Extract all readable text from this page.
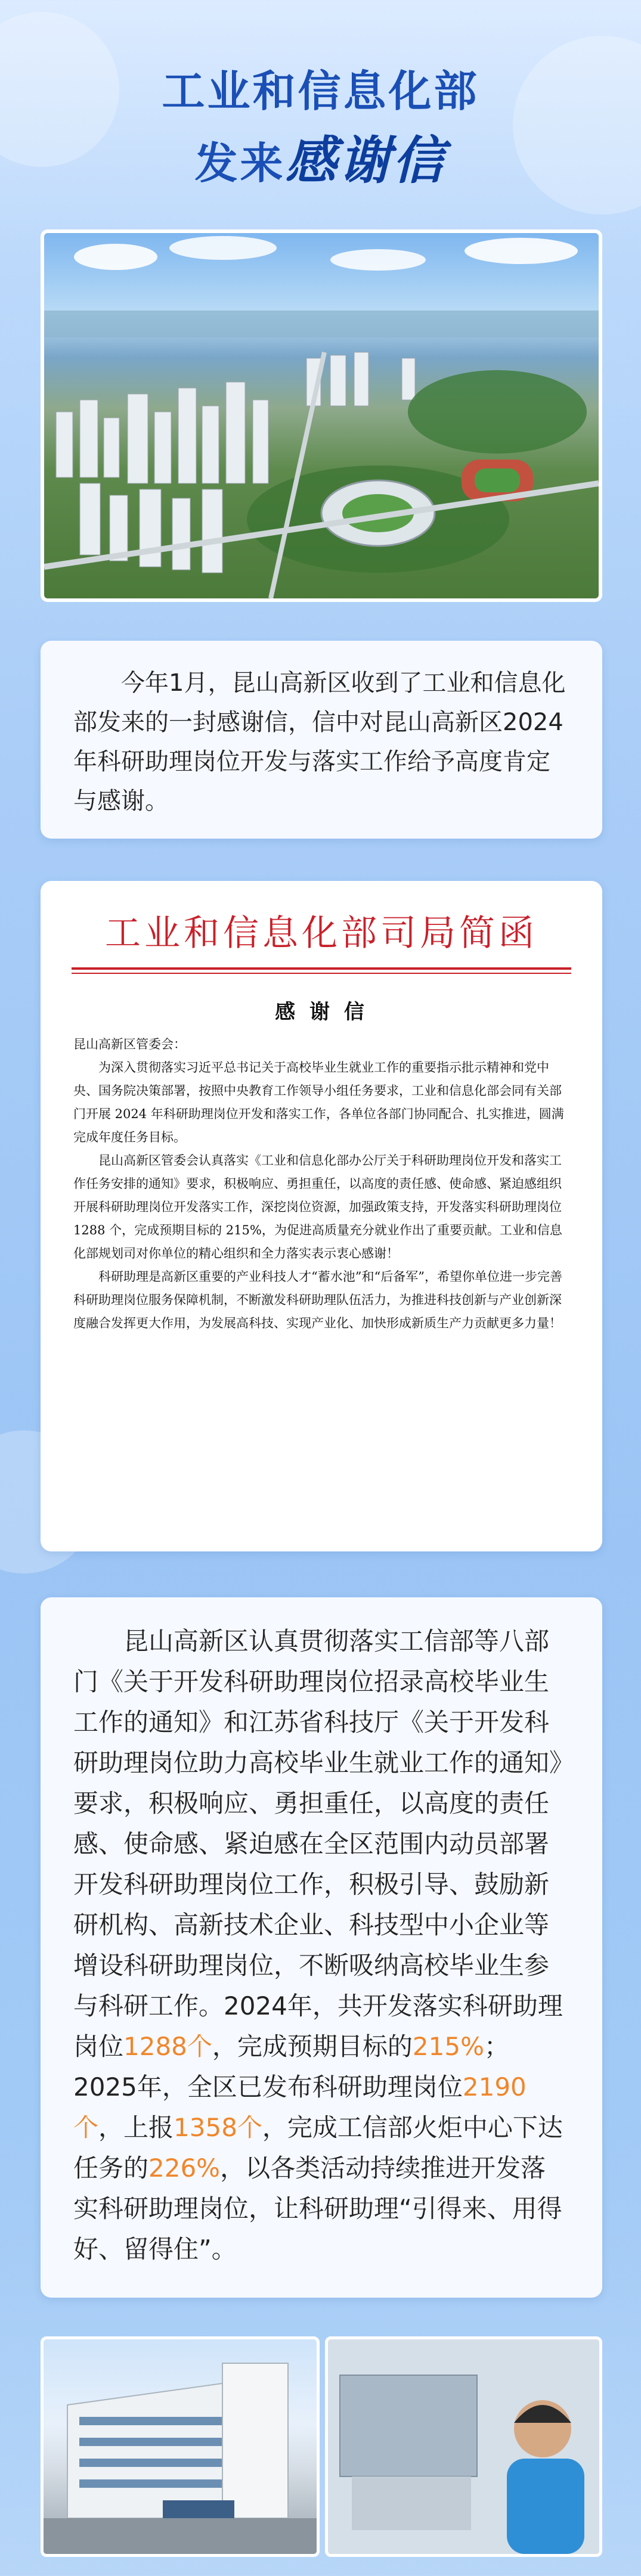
工业和信息化部
发来感谢信

今年1月，昆山高新区收到了工业和信息化部发来的一封感谢信，信中对昆山高新区2024年科研助理岗位开发与落实工作给予高度肯定与感谢。

工业和信息化部司局简函
感 谢 信

昆山高新区管委会：

为深入贯彻落实习近平总书记关于高校毕业生就业工作的重要指示批示精神和党中央、国务院决策部署，按照中央教育工作领导小组任务要求，工业和信息化部会同有关部门开展 2024 年科研助理岗位开发和落实工作，各单位各部门协同配合、扎实推进，圆满完成年度任务目标。

昆山高新区管委会认真落实《工业和信息化部办公厅关于科研助理岗位开发和落实工作任务安排的通知》要求，积极响应、勇担重任，以高度的责任感、使命感、紧迫感组织开展科研助理岗位开发落实工作，深挖岗位资源，加强政策支持，开发落实科研助理岗位 1288 个，完成预期目标的 215%，为促进高质量充分就业作出了重要贡献。工业和信息化部规划司对你单位的精心组织和全力落实表示衷心感谢！

科研助理是高新区重要的产业科技人才“蓄水池”和“后备军”，希望你单位进一步完善科研助理岗位服务保障机制，不断激发科研助理队伍活力，为推进科技创新与产业创新深度融合发挥更大作用，为发展高科技、实现产业化、加快形成新质生产力贡献更多力量！

昆山高新区认真贯彻落实工信部等八部门《关于开发科研助理岗位招录高校毕业生工作的通知》和江苏省科技厅《关于开发科研助理岗位助力高校毕业生就业工作的通知》要求，积极响应、勇担重任，以高度的责任感、使命感、紧迫感在全区范围内动员部署开发科研助理岗位工作，积极引导、鼓励新研机构、高新技术企业、科技型中小企业等增设科研助理岗位，不断吸纳高校毕业生参与科研工作。2024年，共开发落实科研助理岗位1288个，完成预期目标的215%；2025年，全区已发布科研助理岗位2190个，上报1358个，完成工信部火炬中心下达任务的226%，以各类活动持续推进开发落实科研助理岗位，让科研助理“引得来、用得好、留得住”。
